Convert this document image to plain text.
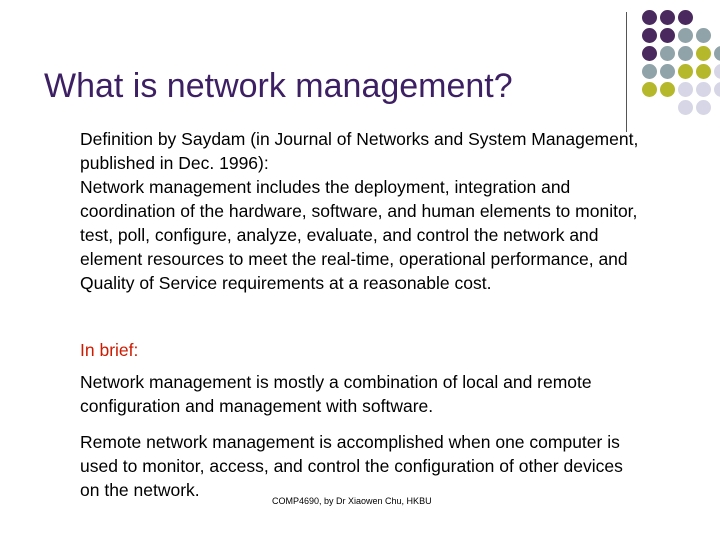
What is network management?

Definition by Saydam (in Journal of Networks and System Management, published in Dec. 1996):

Network management includes the deployment, integration and coordination of the hardware, software, and human elements to monitor, test, poll, configure, analyze, evaluate, and control the network and element resources to meet the real-time, operational performance, and Quality of Service requirements at a reasonable cost.

In brief:
Network management is mostly a combination of local and remote configuration and management with software.
Remote network management is accomplished when one computer is used to monitor, access, and control the configuration of other devices on the network.
COMP4690, by Dr Xiaowen Chu, HKBU
